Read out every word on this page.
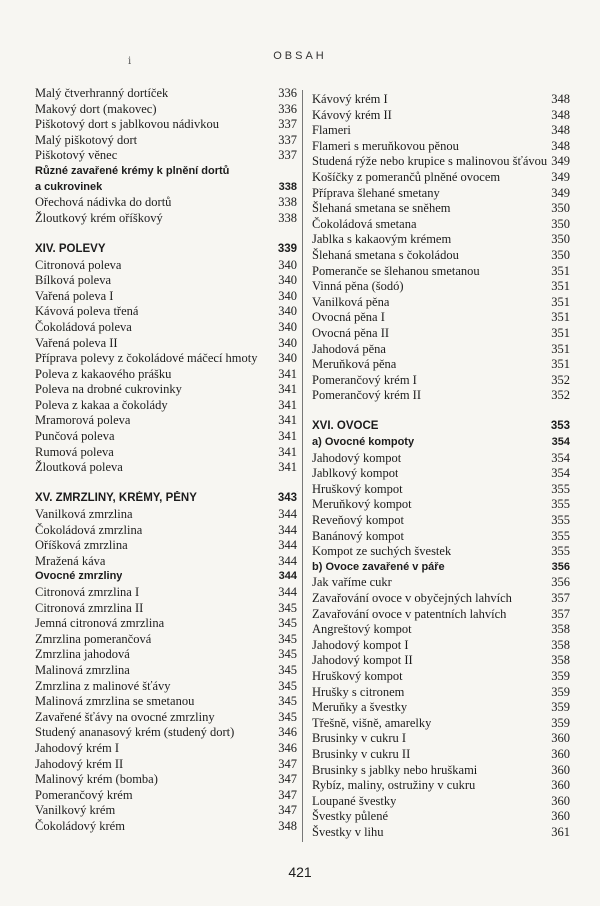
ⅰ	OBSAH
Malý čtverhranný dortíček	336
Makový dort (makovec)	336
Piškotový dort s jablkovou nádivkou	337
Malý piškotový dort	337
Piškotový věnec	337
Různé zavařené krémy k plnění dortů
a cukrovinek	338
Ořechová nádivka do dortů	338
Žloutkový krém oříškový	338
XIV. POLEVY	339
Citronová poleva	340
Bílková poleva	340
Vařená poleva I	340
Kávová poleva třená	340
Čokoládová poleva	340
Vařená poleva II	340
Příprava polevy z čokoládové máčecí hmoty	340
Poleva z kakaového prášku	341
Poleva na drobné cukrovinky	341
Poleva z kakaa a čokolády	341
Mramorová poleva	341
Punčová poleva	341
Rumová poleva	341
Žloutková poleva	341
XV. ZMRZLINY, KRÉMY, PĚNY	343
Vanilková zmrzlina	344
Čokoládová zmrzlina	344
Oříšková zmrzlina	344
Mražená káva	344
Ovocné zmrzliny	344
Citronová zmrzlina I	344
Citronová zmrzlina II	345
Jemná citronová zmrzlina	345
Zmrzlina pomerančová	345
Zmrzlina jahodová	345
Malinová zmrzlina	345
Zmrzlina z malinové šťávy	345
Malinová zmrzlina se smetanou	345
Zavařené šťávy na ovocné zmrzliny	345
Studený ananasový krém (studený dort)	346
Jahodový krém I	346
Jahodový krém II	347
Malinový krém (bomba)	347
Pomerančový krém	347
Vanilkový krém	347
Čokoládový krém	348
Kávový krém I	348
Kávový krém II	348
Flameri	348
Flameri s meruňkovou pěnou	348
Studená rýže nebo krupice s malinovou šťávou 349
Košíčky z pomerančů plněné ovocem	349
Příprava šlehané smetany	349
Šlehaná smetana se sněhem	350
Čokoládová smetana	350
Jablka s kakaovým krémem	350
Šlehaná smetana s čokoládou	350
Pomeranče se šlehanou smetanou	351
Vinná pěna (šodó)	351
Vanilková pěna	351
Ovocná pěna I	351
Ovocná pěna II	351
Jahodová pěna	351
Meruňková pěna	351
Pomerančový krém I	352
Pomerančový krém II	352
XVI. OVOCE	353
a) Ovocné kompoty	354
Jahodový kompot	354
Jablkový kompot	354
Hruškový kompot	355
Meruňkový kompot	355
Reveňový kompot	355
Banánový kompot	355
Kompot ze suchých švestek	355
b) Ovoce zavařené v páře	356
Jak vaříme cukr	356
Zavařování ovoce v obyčejných lahvích	357
Zavařování ovoce v patentních lahvích	357
Angreštový kompot	358
Jahodový kompot I	358
Jahodový kompot II	358
Hruškový kompot	359
Hrušky s citronem	359
Meruňky a švestky	359
Třešně, višně, amarelky	359
Brusinky v cukru I	360
Brusinky v cukru II	360
Brusinky s jablky nebo hruškami	360
Rybíz, maliny, ostružiny v cukru	360
Loupané švestky	360
Švestky půlené	360
Švestky v lihu	361
421
